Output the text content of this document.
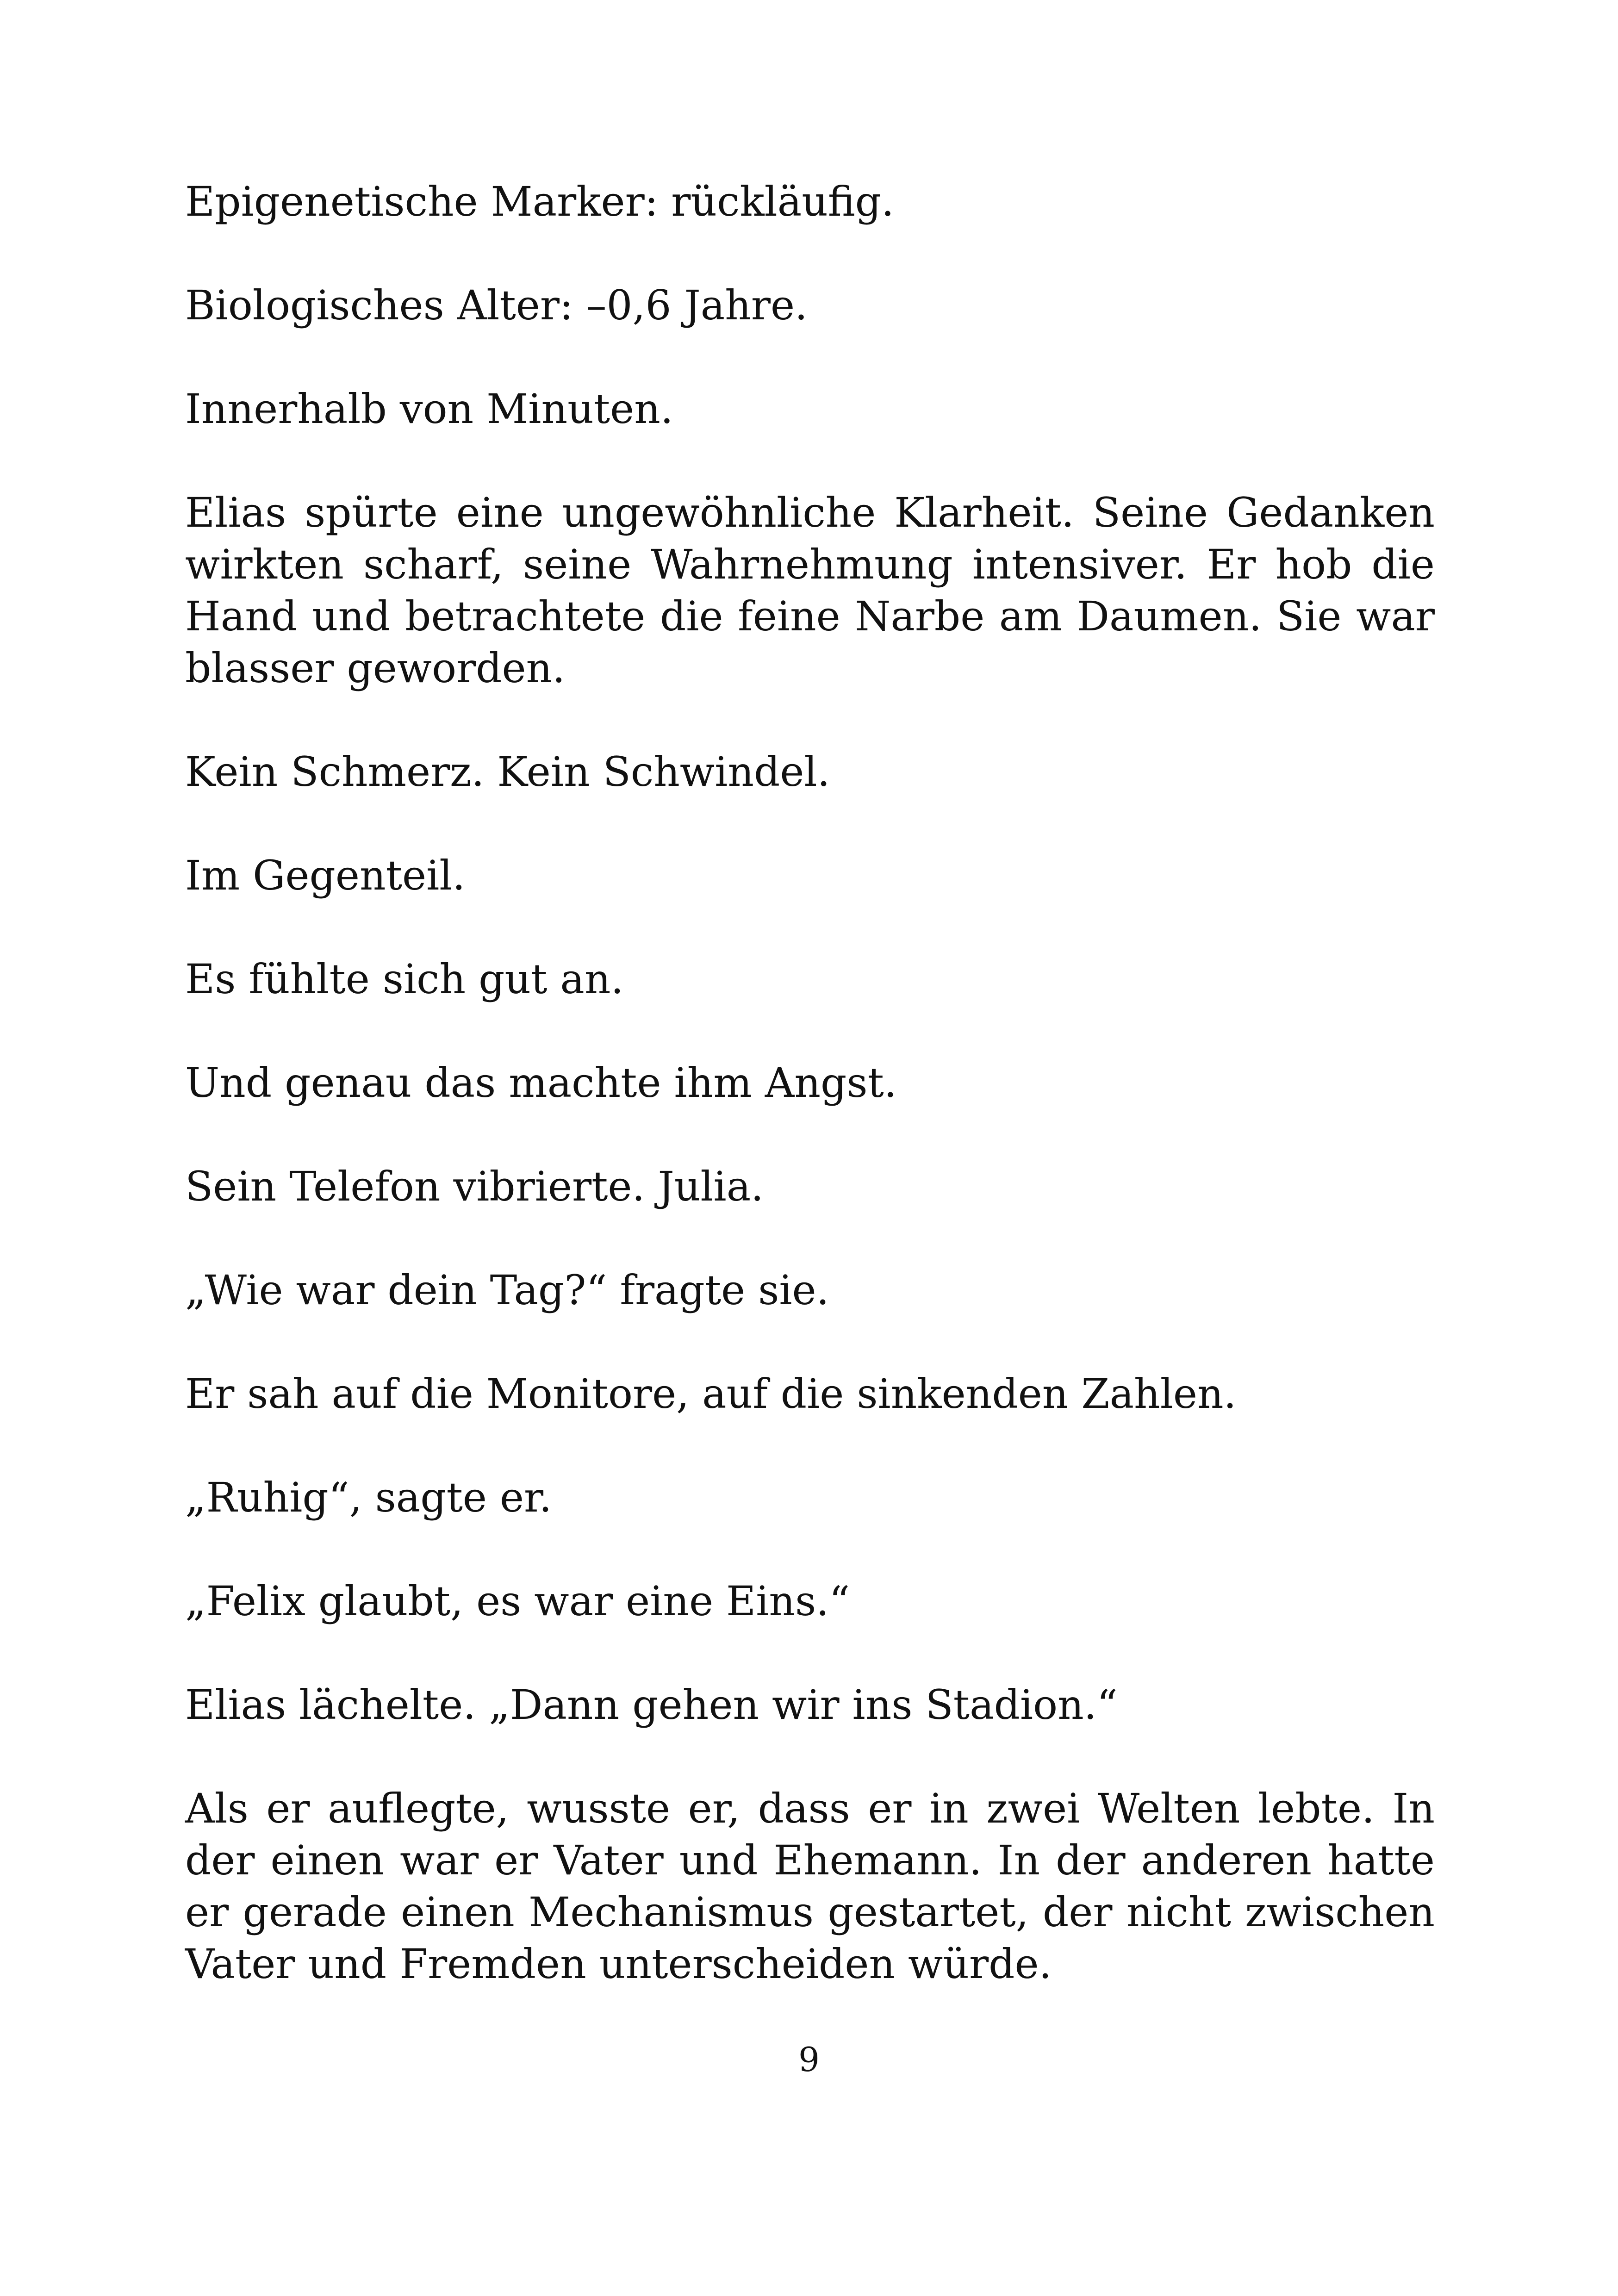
Epigenetische Marker: rückläufig.

Biologisches Alter: –0,6 Jahre.

Innerhalb von Minuten.

Elias spürte eine ungewöhnliche Klarheit. Seine Gedanken wirkten scharf, seine Wahrnehmung intensiver. Er hob die Hand und betrachtete die feine Narbe am Daumen. Sie war blasser geworden.

Kein Schmerz. Kein Schwindel.

Im Gegenteil.

Es fühlte sich gut an.

Und genau das machte ihm Angst.

Sein Telefon vibrierte. Julia.

„Wie war dein Tag?“ fragte sie.

Er sah auf die Monitore, auf die sinkenden Zahlen.

„Ruhig“, sagte er.

„Felix glaubt, es war eine Eins.“

Elias lächelte. „Dann gehen wir ins Stadion.“

Als er auflegte, wusste er, dass er in zwei Welten lebte. In der einen war er Vater und Ehemann. In der anderen hatte er gerade einen Mechanismus gestartet, der nicht zwischen Vater und Fremden unterscheiden würde.

9
